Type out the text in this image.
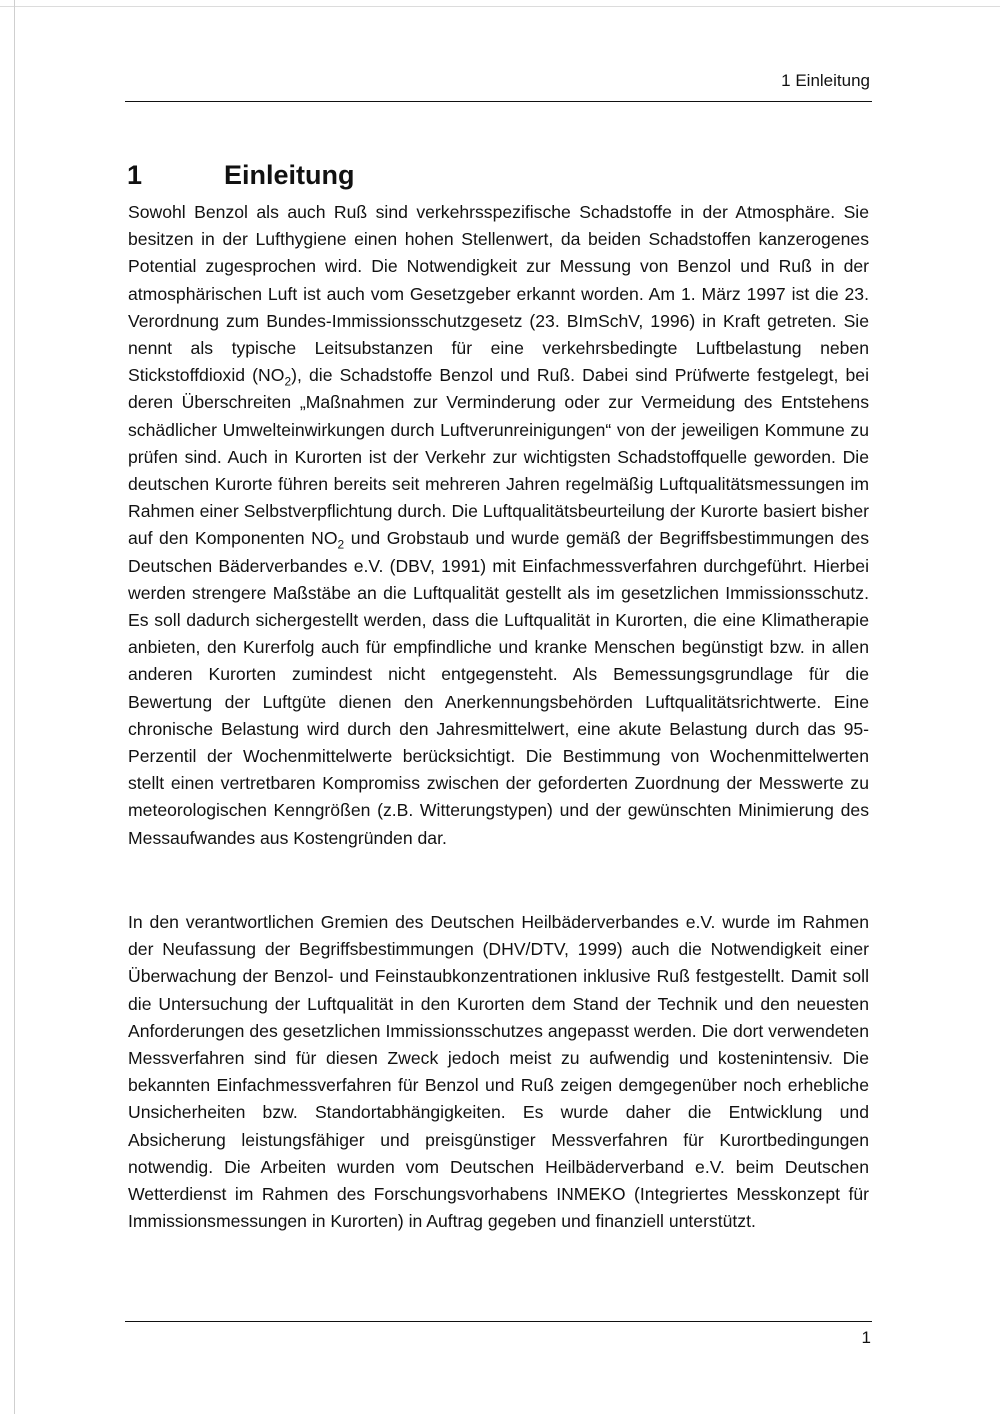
1 Einleitung
1	Einleitung

Sowohl Benzol als auch Ruß sind verkehrsspezifische Schadstoffe in der Atmosphäre. Sie besitzen in der Lufthygiene einen hohen Stellenwert, da beiden Schadstoffen kanzerogenes Potential zugesprochen wird. Die Notwendigkeit zur Messung von Benzol und Ruß in der atmosphärischen Luft ist auch vom Gesetzgeber erkannt worden. Am 1. März 1997 ist die 23. Verordnung zum Bundes-Immissionsschutzgesetz (23. BImSchV, 1996) in Kraft getreten. Sie nennt als typische Leitsubstanzen für eine verkehrsbedingte Luftbelastung neben Stickstoffdioxid $(NO_2)$, die Schadstoffe Benzol und Ruß. Dabei sind Prüfwerte festgelegt, bei deren Überschreiten „Maßnahmen zur Verminderung oder zur Vermeidung des Entstehens schädlicher Umwelteinwirkungen durch Luftverunreinigungen“ von der jeweiligen Kommune zu prüfen sind. Auch in Kurorten ist der Verkehr zur wichtigsten Schadstoffquelle geworden. Die deutschen Kurorte führen bereits seit mehreren Jahren regelmäßig Luftqualitätsmessungen im Rahmen einer Selbstverpflichtung durch. Die Luftqualitätsbeurteilung der Kurorte basiert bisher auf den Komponenten $NO_2$ und Grobstaub und wurde gemäß der Begriffsbestimmungen des Deutschen Bäderverbandes e.V. (DBV, 1991) mit Einfachmessverfahren durchgeführt. Hierbei werden strengere Maßstäbe an die Luftqualität gestellt als im gesetzlichen Immissionsschutz. Es soll dadurch sichergestellt werden, dass die Luftqualität in Kurorten, die eine Klimatherapie anbieten, den Kurerfolg auch für empfindliche und kranke Menschen begünstigt bzw. in allen anderen Kurorten zumindest nicht entgegensteht. Als Bemessungsgrundlage für die Bewertung der Luftgüte dienen den Anerkennungsbehörden Luftqualitätsrichtwerte. Eine chronische Belastung wird durch den Jahresmittelwert, eine akute Belastung durch das 95-Perzentil der Wochenmittelwerte berücksichtigt. Die Bestimmung von Wochenmittelwerten stellt einen vertretbaren Kompromiss zwischen der geforderten Zuordnung der Messwerte zu meteorologischen Kenngrößen (z.B. Witterungstypen) und der gewünschten Minimierung des Messaufwandes aus Kostengründen dar.

In den verantwortlichen Gremien des Deutschen Heilbäderverbandes e.V. wurde im Rahmen der Neufassung der Begriffsbestimmungen (DHV/DTV, 1999) auch die Notwendigkeit einer Überwachung der Benzol- und Feinstaubkonzentrationen inklusive Ruß festgestellt. Damit soll die Untersuchung der Luftqualität in den Kurorten dem Stand der Technik und den neuesten Anforderungen des gesetzlichen Immissionsschutzes angepasst werden. Die dort verwendeten Messverfahren sind für diesen Zweck jedoch meist zu aufwendig und kostenintensiv. Die bekannten Einfachmessverfahren für Benzol und Ruß zeigen demgegenüber noch erhebliche Unsicherheiten bzw. Standortabhängigkeiten. Es wurde daher die Entwicklung und Absicherung leistungsfähiger und preisgünstiger Messverfahren für Kurortbedingungen notwendig. Die Arbeiten wurden vom Deutschen Heilbäderverband e.V. beim Deutschen Wetterdienst im Rahmen des Forschungsvorhabens INMEKO (Integriertes Messkonzept für Immissionsmessungen in Kurorten) in Auftrag gegeben und finanziell unterstützt.

1
